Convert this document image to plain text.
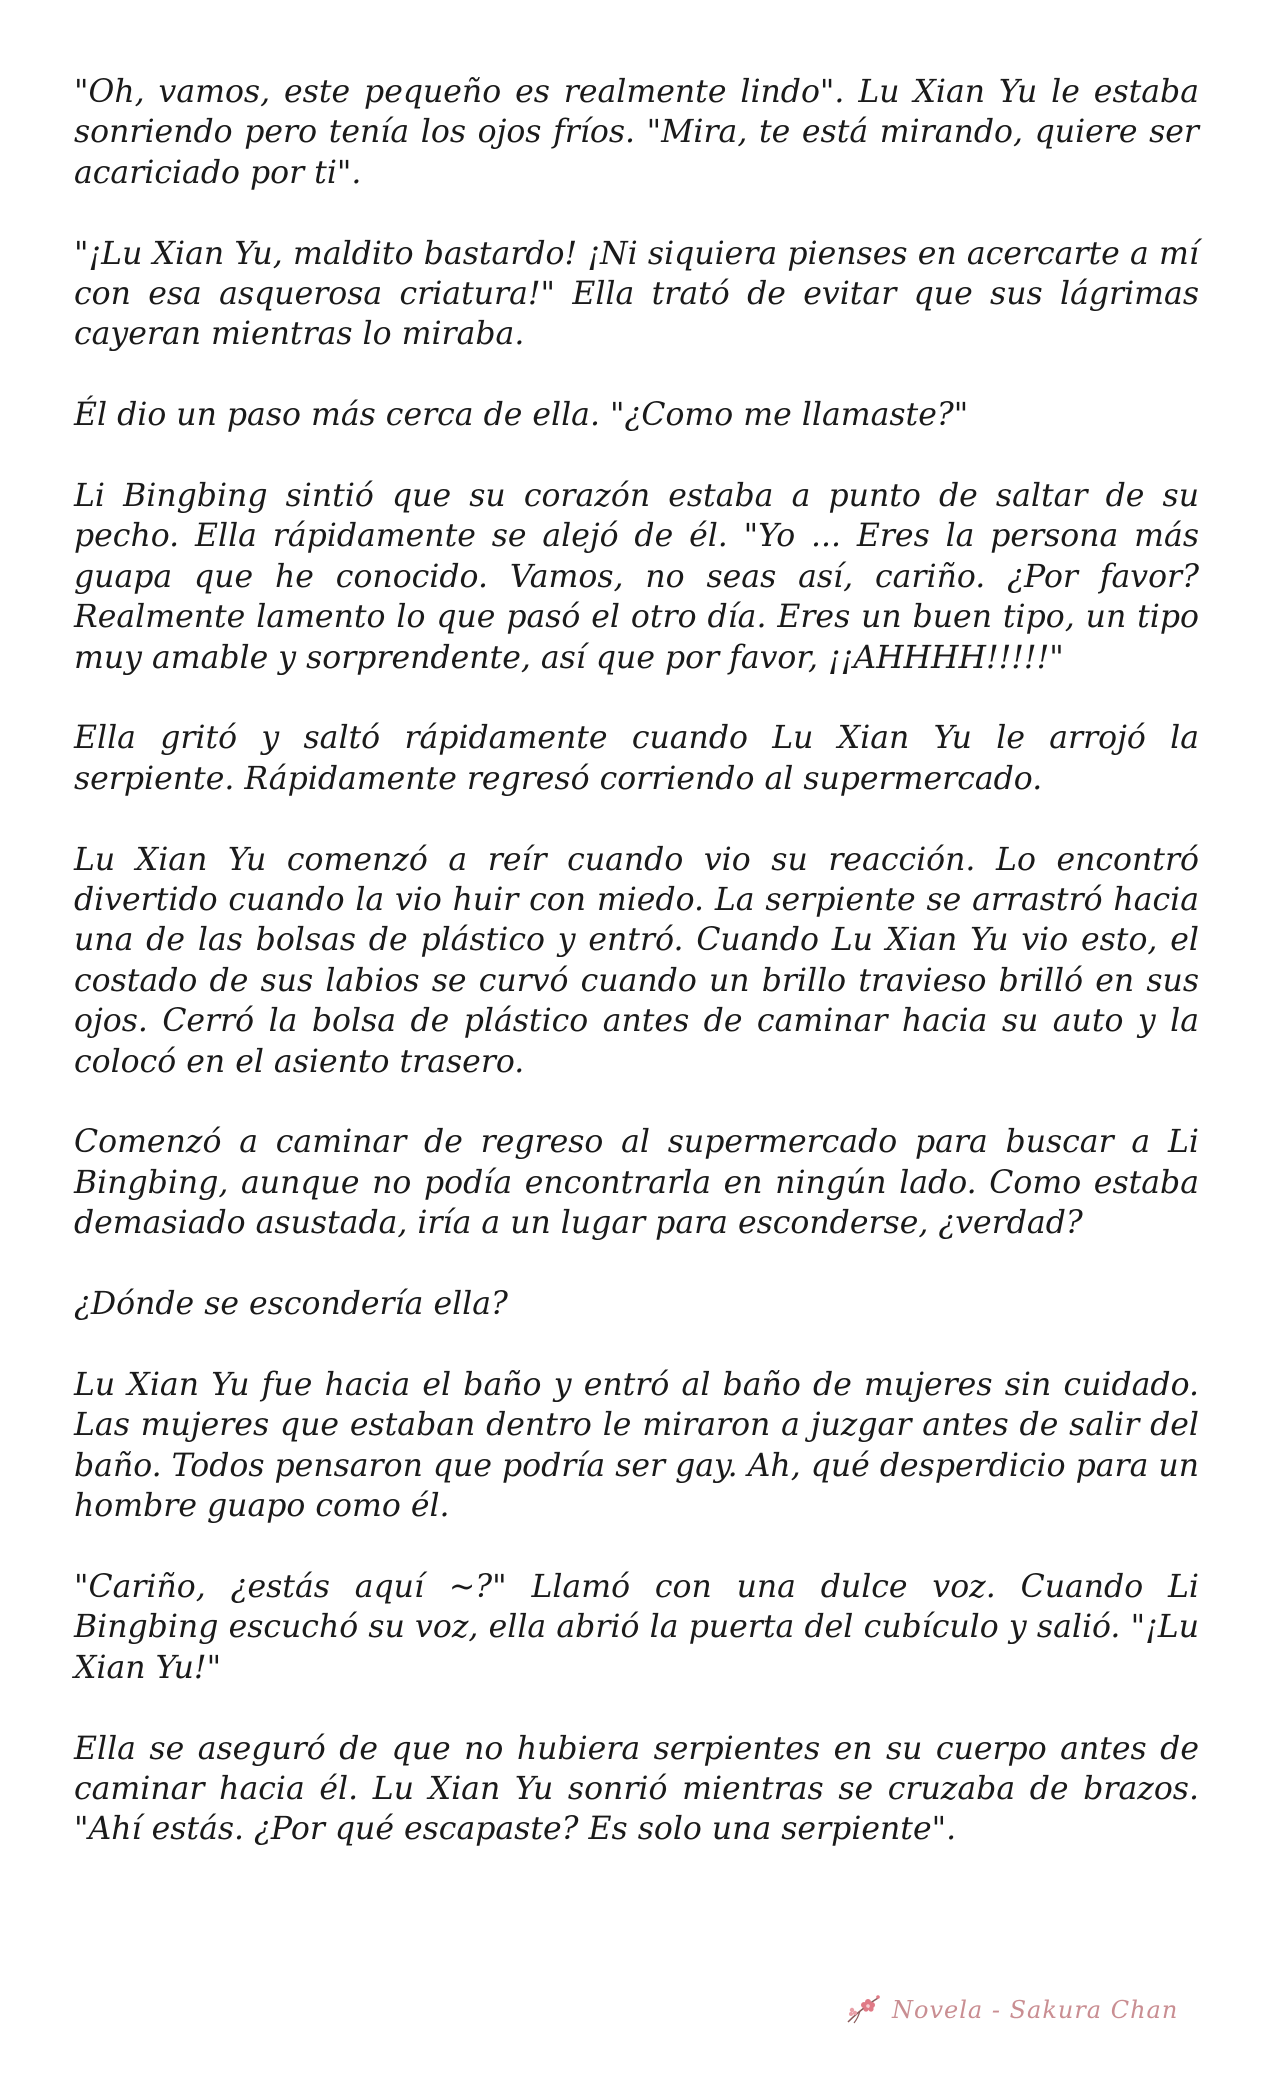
"Oh, vamos, este pequeño es realmente lindo". Lu Xian Yu le estaba sonriendo pero tenía los ojos fríos. "Mira, te está mirando, quiere ser acariciado por ti".

"¡Lu Xian Yu, maldito bastardo! ¡Ni siquiera pienses en acercarte a mí con esa asquerosa criatura!" Ella trató de evitar que sus lágrimas cayeran mientras lo miraba.

Él dio un paso más cerca de ella. "¿Como me llamaste?"

Li Bingbing sintió que su corazón estaba a punto de saltar de su pecho. Ella rápidamente se alejó de él. "Yo ... Eres la persona más guapa que he conocido. Vamos, no seas así, cariño. ¿Por favor? Realmente lamento lo que pasó el otro día. Eres un buen tipo, un tipo muy amable y sorprendente, así que por favor, ¡¡AHHHH!!!!!"

Ella gritó y saltó rápidamente cuando Lu Xian Yu le arrojó la serpiente. Rápidamente regresó corriendo al supermercado.

Lu Xian Yu comenzó a reír cuando vio su reacción. Lo encontró divertido cuando la vio huir con miedo. La serpiente se arrastró hacia una de las bolsas de plástico y entró. Cuando Lu Xian Yu vio esto, el costado de sus labios se curvó cuando un brillo travieso brilló en sus ojos. Cerró la bolsa de plástico antes de caminar hacia su auto y la colocó en el asiento trasero.

Comenzó a caminar de regreso al supermercado para buscar a Li Bingbing, aunque no podía encontrarla en ningún lado. Como estaba demasiado asustada, iría a un lugar para esconderse, ¿verdad?

¿Dónde se escondería ella?

Lu Xian Yu fue hacia el baño y entró al baño de mujeres sin cuidado. Las mujeres que estaban dentro le miraron a juzgar antes de salir del baño. Todos pensaron que podría ser gay. Ah, qué desperdicio para un hombre guapo como él.

"Cariño, ¿estás aquí ~?" Llamó con una dulce voz. Cuando Li Bingbing escuchó su voz, ella abrió la puerta del cubículo y salió. "¡Lu Xian Yu!"

Ella se aseguró de que no hubiera serpientes en su cuerpo antes de caminar hacia él. Lu Xian Yu sonrió mientras se cruzaba de brazos. "Ahí estás. ¿Por qué escapaste? Es solo una serpiente".

Novela - Sakura Chan
